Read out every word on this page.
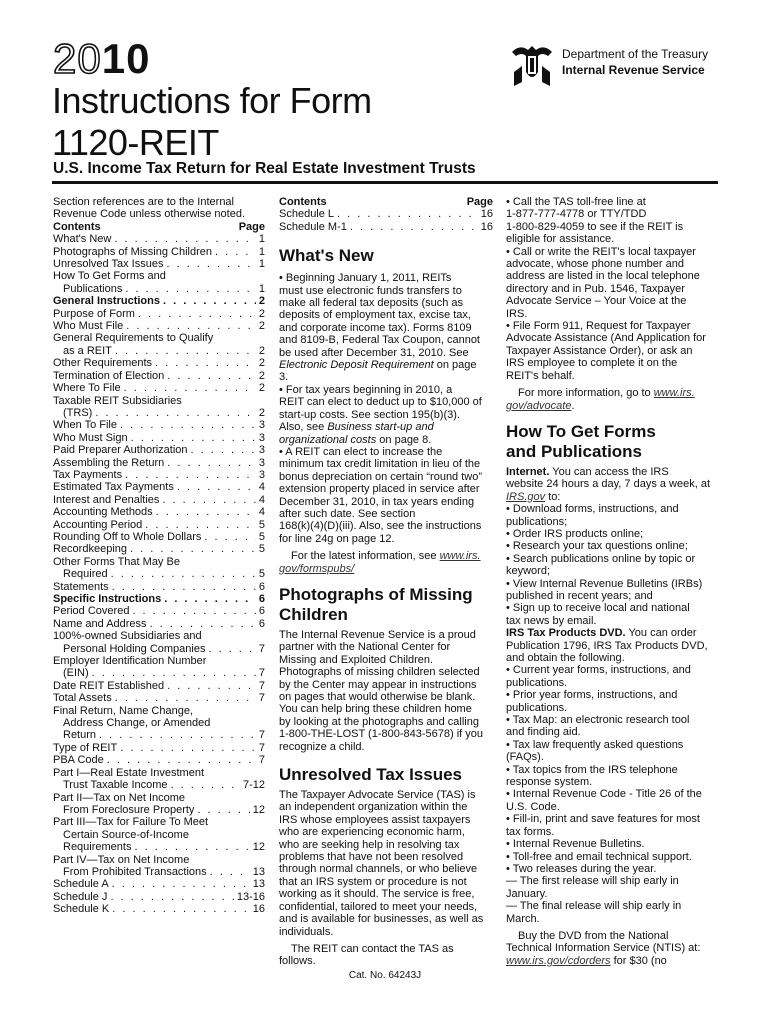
2010
Instructions for Form
1120-REIT
U.S. Income Tax Return for Real Estate Investment Trusts
Department of the Treasury
Internal Revenue Service

Section references are to the Internal

Revenue Code unless otherwise noted.

Contents	Page
What's New . . .	1
Photographs of Missing Children . . .	1
Unresolved Tax Issues . . .	1
How To Get Forms and
Publications . . .	1
General Instructions . . .	2
Purpose of Form . . .	2
Who Must File . . .	2
General Requirements to Qualify
as a REIT . . .	2
Other Requirements . . .	2
Termination of Election . . .	2
Where To File . . .	2
Taxable REIT Subsidiaries
(TRS) . . .	2
When To File . . .	3
Who Must Sign . . .	3
Paid Preparer Authorization . . .	3
Assembling the Return . . .	3
Tax Payments . . .	3
Estimated Tax Payments . . .	4
Interest and Penalties . . .	4
Accounting Methods . . .	4
Accounting Period . . .	5
Rounding Off to Whole Dollars . . .	5
Recordkeeping . . .	5
Other Forms That May Be
Required . . .	5
Statements . . .	6
Specific Instructions . . .	6
Period Covered . . .	6
Name and Address . . .	6
100%-owned Subsidiaries and
Personal Holding Companies . . .	7
Employer Identification Number
(EIN) . . .	7
Date REIT Established . . .	7
Total Assets . . .	7
Final Return, Name Change,
Address Change, or Amended
Return . . .	7
Type of REIT . . .	7
PBA Code . . .	7
Part I—Real Estate Investment
Trust Taxable Income . . .	7-12
Part II—Tax on Net Income
From Foreclosure Property . . .	12
Part III—Tax for Failure To Meet
Certain Source-of-Income
Requirements . . .	12
Part IV—Tax on Net Income
From Prohibited Transactions . . .	13
Schedule A . . .	13
Schedule J . . .	13-16
Schedule K . . .	16
Contents	Page
Schedule L . . .	16
Schedule M-1 . . .	16
What's New

• Beginning January 1, 2011, REITs

must use electronic funds transfers to

make all federal tax deposits (such as

deposits of employment tax, excise tax,

and corporate income tax). Forms 8109

and 8109-B, Federal Tax Coupon, cannot

be used after December 31, 2010. See

Electronic Deposit Requirement on page

3.

• For tax years beginning in 2010, a

REIT can elect to deduct up to $10,000 of

start-up costs. See section 195(b)(3).

Also, see Business start-up and

organizational costs on page 8.

• A REIT can elect to increase the

minimum tax credit limitation in lieu of the

bonus depreciation on certain “round two”

extension property placed in service after

December 31, 2010, in tax years ending

after such date. See section

168(k)(4)(D)(iii). Also, see the instructions

for line 24g on page 12.

For the latest information, see www.irs.

gov/formspubs/

Photographs of Missing
Children

The Internal Revenue Service is a proud

partner with the National Center for

Missing and Exploited Children.

Photographs of missing children selected

by the Center may appear in instructions

on pages that would otherwise be blank.

You can help bring these children home

by looking at the photographs and calling

1-800-THE-LOST (1-800-843-5678) if you

recognize a child.

Unresolved Tax Issues

The Taxpayer Advocate Service (TAS) is

an independent organization within the

IRS whose employees assist taxpayers

who are experiencing economic harm,

who are seeking help in resolving tax

problems that have not been resolved

through normal channels, or who believe

that an IRS system or procedure is not

working as it should. The service is free,

confidential, tailored to meet your needs,

and is available for businesses, as well as

individuals.

The REIT can contact the TAS as

follows.

• Call the TAS toll-free line at

1-877-777-4778 or TTY/TDD

1-800-829-4059 to see if the REIT is

eligible for assistance.

• Call or write the REIT's local taxpayer

advocate, whose phone number and

address are listed in the local telephone

directory and in Pub. 1546, Taxpayer

Advocate Service – Your Voice at the

IRS.

• File Form 911, Request for Taxpayer

Advocate Assistance (And Application for

Taxpayer Assistance Order), or ask an

IRS employee to complete it on the

REIT's behalf.

For more information, go to www.irs.

gov/advocate.

How To Get Forms
and Publications

Internet. You can access the IRS

website 24 hours a day, 7 days a week, at

IRS.gov to:

• Download forms, instructions, and

publications;

• Order IRS products online;

• Research your tax questions online;

• Search publications online by topic or

keyword;

• View Internal Revenue Bulletins (IRBs)

published in recent years; and

• Sign up to receive local and national

tax news by email.

IRS Tax Products DVD. You can order

Publication 1796, IRS Tax Products DVD,

and obtain the following.

• Current year forms, instructions, and

publications.

• Prior year forms, instructions, and

publications.

• Tax Map: an electronic research tool

and finding aid.

• Tax law frequently asked questions

(FAQs).

• Tax topics from the IRS telephone

response system.

• Internal Revenue Code - Title 26 of the

U.S. Code.

• Fill-in, print and save features for most

tax forms.

• Internal Revenue Bulletins.

• Toll-free and email technical support.

• Two releases during the year.

— The first release will ship early in

January.

— The final release will ship early in

March.

Buy the DVD from the National

Technical Information Service (NTIS) at:

www.irs.gov/cdorders for $30 (no

Cat. No. 64243J
